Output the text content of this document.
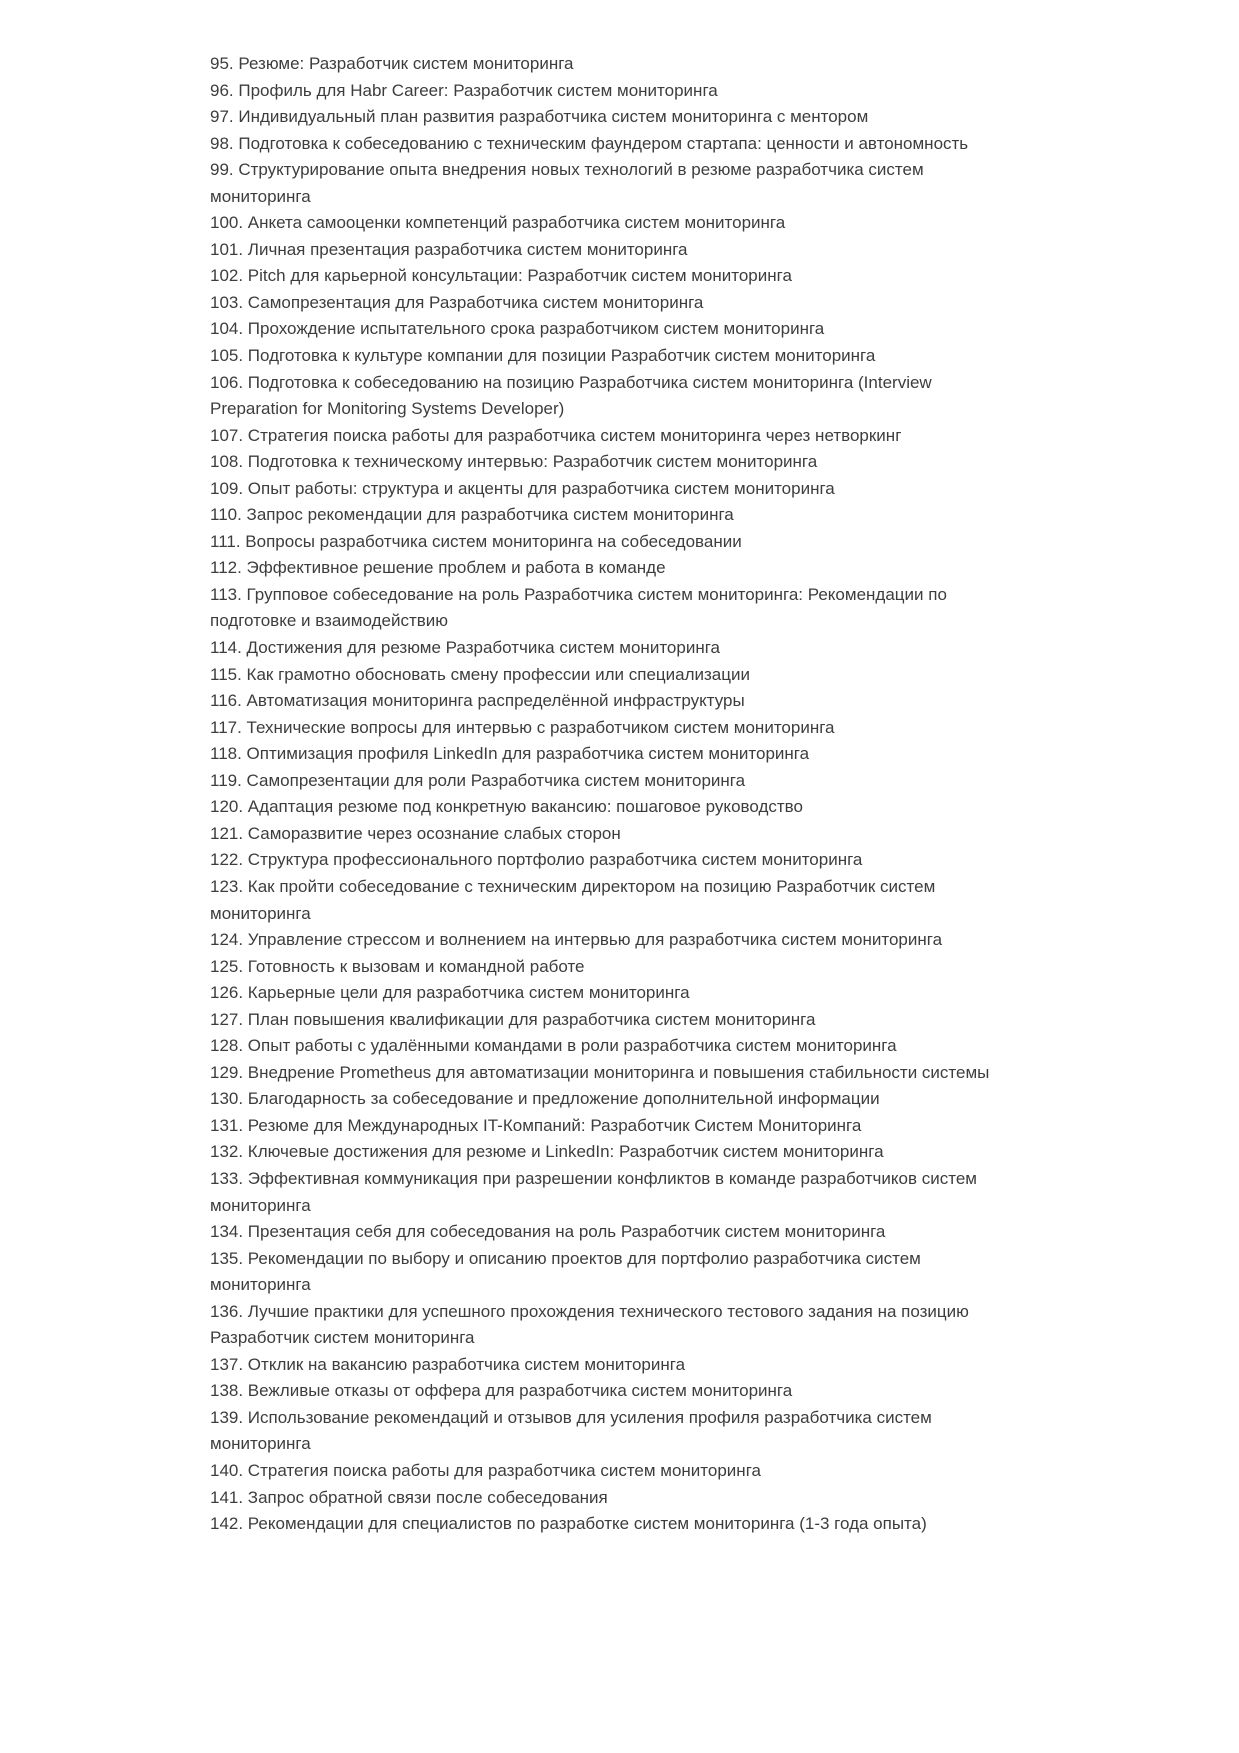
95. Резюме: Разработчик систем мониторинга

96. Профиль для Habr Career: Разработчик систем мониторинга

97. Индивидуальный план развития разработчика систем мониторинга с ментором

98. Подготовка к собеседованию с техническим фаундером стартапа: ценности и автономность

99. Структурирование опыта внедрения новых технологий в резюме разработчика систем мониторинга

100. Анкета самооценки компетенций разработчика систем мониторинга

101. Личная презентация разработчика систем мониторинга

102. Pitch для карьерной консультации: Разработчик систем мониторинга

103. Самопрезентация для Разработчика систем мониторинга

104. Прохождение испытательного срока разработчиком систем мониторинга

105. Подготовка к культуре компании для позиции Разработчик систем мониторинга

106. Подготовка к собеседованию на позицию Разработчика систем мониторинга (Interview Preparation for Monitoring Systems Developer)

107. Стратегия поиска работы для разработчика систем мониторинга через нетворкинг

108. Подготовка к техническому интервью: Разработчик систем мониторинга

109. Опыт работы: структура и акценты для разработчика систем мониторинга

110. Запрос рекомендации для разработчика систем мониторинга

111. Вопросы разработчика систем мониторинга на собеседовании

112. Эффективное решение проблем и работа в команде

113. Групповое собеседование на роль Разработчика систем мониторинга: Рекомендации по подготовке и взаимодействию

114. Достижения для резюме Разработчика систем мониторинга

115. Как грамотно обосновать смену профессии или специализации

116. Автоматизация мониторинга распределённой инфраструктуры

117. Технические вопросы для интервью с разработчиком систем мониторинга

118. Оптимизация профиля LinkedIn для разработчика систем мониторинга

119. Самопрезентации для роли Разработчика систем мониторинга

120. Адаптация резюме под конкретную вакансию: пошаговое руководство

121. Саморазвитие через осознание слабых сторон

122. Структура профессионального портфолио разработчика систем мониторинга

123. Как пройти собеседование с техническим директором на позицию Разработчик систем мониторинга

124. Управление стрессом и волнением на интервью для разработчика систем мониторинга

125. Готовность к вызовам и командной работе

126. Карьерные цели для разработчика систем мониторинга

127. План повышения квалификации для разработчика систем мониторинга

128. Опыт работы с удалёнными командами в роли разработчика систем мониторинга

129. Внедрение Prometheus для автоматизации мониторинга и повышения стабильности системы

130. Благодарность за собеседование и предложение дополнительной информации

131. Резюме для Международных IT-Компаний: Разработчик Систем Мониторинга

132. Ключевые достижения для резюме и LinkedIn: Разработчик систем мониторинга

133. Эффективная коммуникация при разрешении конфликтов в команде разработчиков систем мониторинга

134. Презентация себя для собеседования на роль Разработчик систем мониторинга

135. Рекомендации по выбору и описанию проектов для портфолио разработчика систем мониторинга

136. Лучшие практики для успешного прохождения технического тестового задания на позицию Разработчик систем мониторинга

137. Отклик на вакансию разработчика систем мониторинга

138. Вежливые отказы от оффера для разработчика систем мониторинга

139. Использование рекомендаций и отзывов для усиления профиля разработчика систем мониторинга

140. Стратегия поиска работы для разработчика систем мониторинга

141. Запрос обратной связи после собеседования

142. Рекомендации для специалистов по разработке систем мониторинга (1-3 года опыта)
